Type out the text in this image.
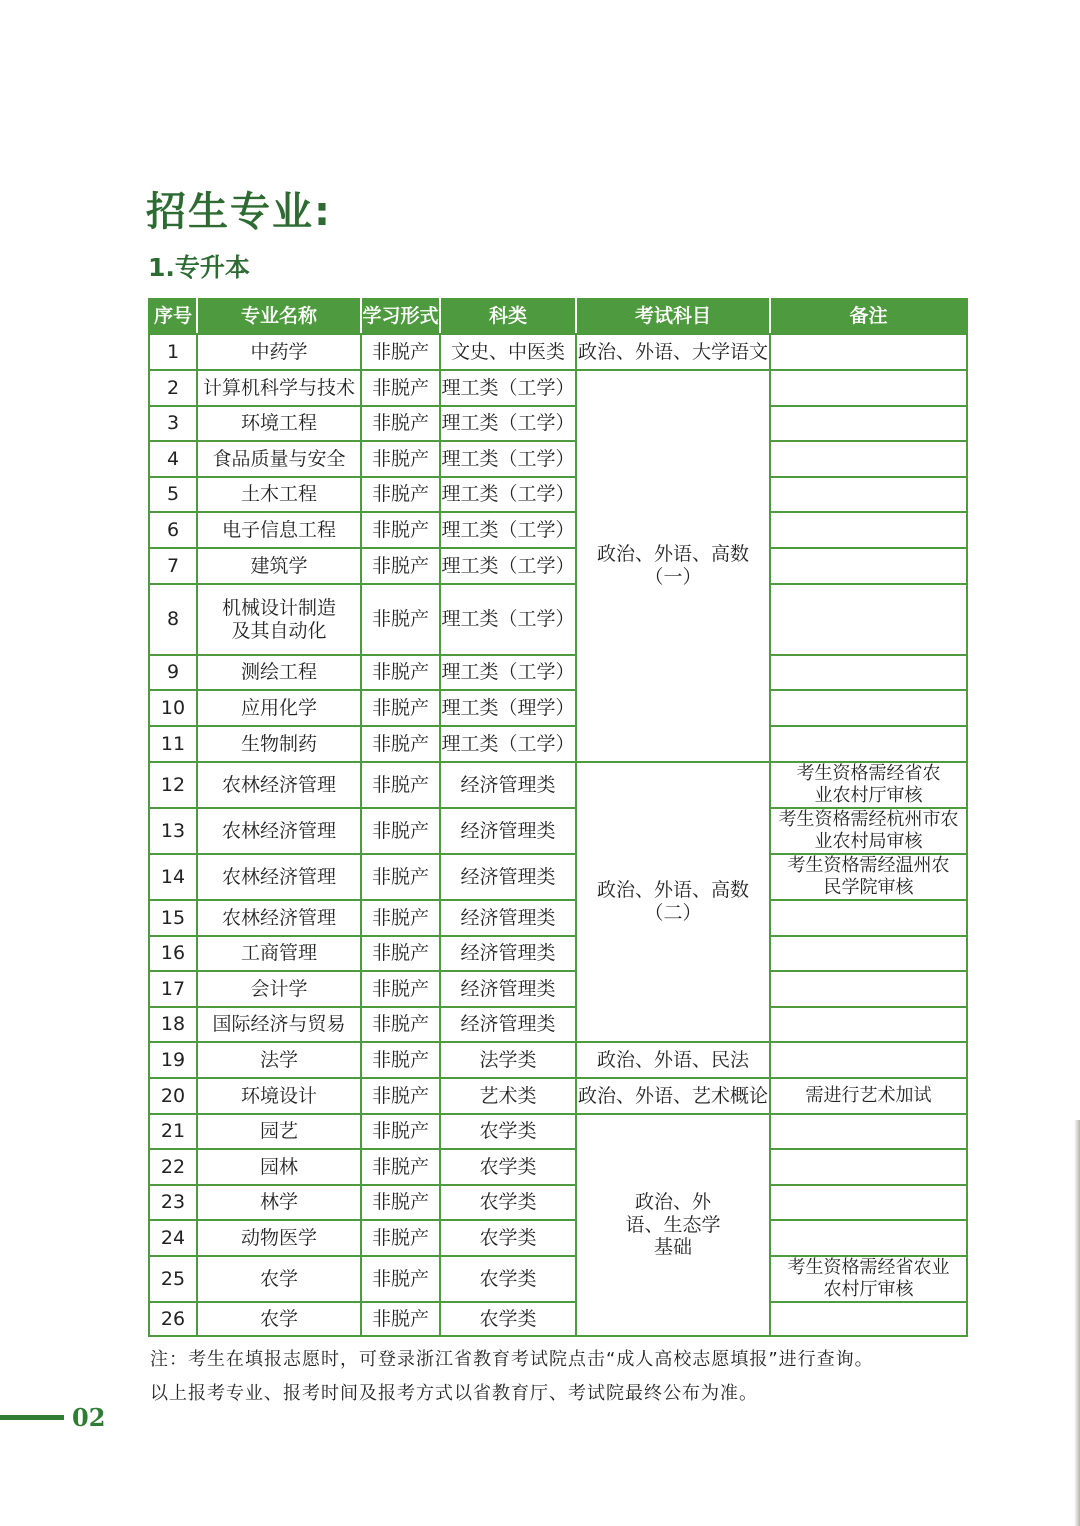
招生专业:
1.专升本
序号	专业名称	学习形式	科类	考试科目	备注
1	中药学	非脱产	文史、中医类	政治、外语、大学语文	
2	计算机科学与技术	非脱产	理工类（工学）	政治、外语、高数（一）	
3	环境工程	非脱产	理工类（工学）		
4	食品质量与安全	非脱产	理工类（工学）		
5	土木工程	非脱产	理工类（工学）		
6	电子信息工程	非脱产	理工类（工学）		
7	建筑学	非脱产	理工类（工学）		
8	机械设计制造及其自动化	非脱产	理工类（工学）		
9	测绘工程	非脱产	理工类（工学）		
10	应用化学	非脱产	理工类（理学）		
11	生物制药	非脱产	理工类（工学）		
12	农林经济管理	非脱产	经济管理类	政治、外语、高数（二）	考生资格需经省农业农村厅审核
13	农林经济管理	非脱产	经济管理类		考生资格需经杭州市农业农村局审核
14	农林经济管理	非脱产	经济管理类		考生资格需经温州农民学院审核
15	农林经济管理	非脱产	经济管理类		
16	工商管理	非脱产	经济管理类		
17	会计学	非脱产	经济管理类		
18	国际经济与贸易	非脱产	经济管理类		
19	法学	非脱产	法学类	政治、外语、民法	
20	环境设计	非脱产	艺术类	政治、外语、艺术概论	需进行艺术加试
21	园艺	非脱产	农学类	政治、外语、生态学基础	
22	园林	非脱产	农学类		
23	林学	非脱产	农学类		
24	动物医学	非脱产	农学类		
25	农学	非脱产	农学类		考生资格需经省农业农村厅审核
26	农学	非脱产	农学类		
注：考生在填报志愿时，可登录浙江省教育考试院点击“成人高校志愿填报”进行查询。
以上报考专业、报考时间及报考方式以省教育厅、考试院最终公布为准。
02
